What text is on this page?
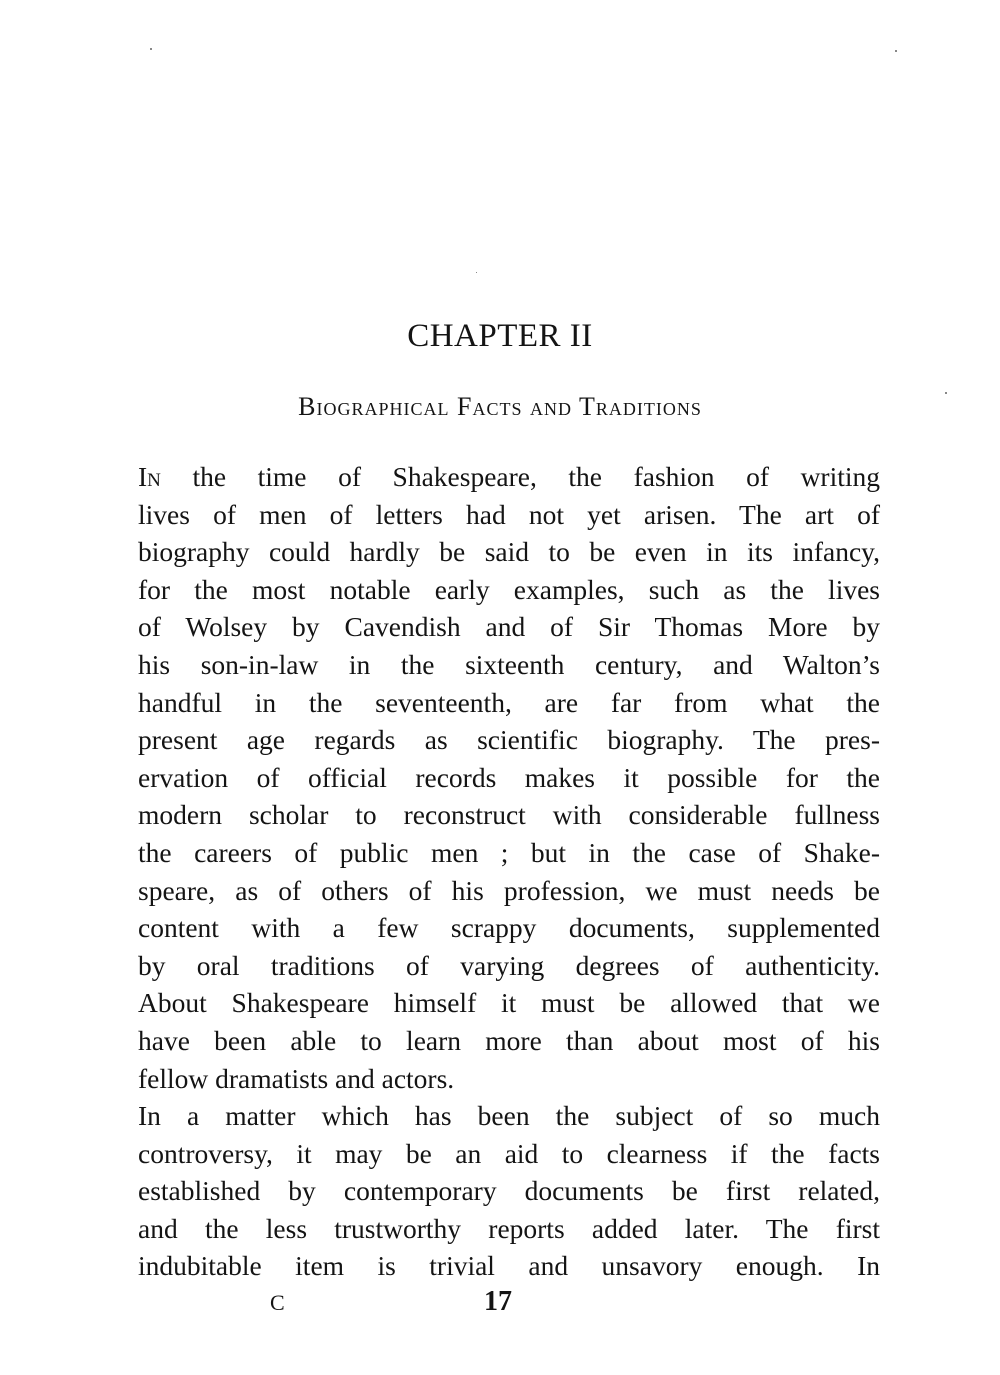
CHAPTER II
Biographical Facts and Traditions
In the time of Shakespeare, the fashion of writing
lives of men of letters had not yet arisen. The art of
biography could hardly be said to be even in its infancy,
for the most notable early examples, such as the lives
of Wolsey by Cavendish and of Sir Thomas More by
his son-in-law in the sixteenth century, and Walton’s
handful in the seventeenth, are far from what the
present age regards as scientific biography. The pres-
ervation of official records makes it possible for the
modern scholar to reconstruct with considerable fullness
the careers of public men ; but in the case of Shake-
speare, as of others of his profession, we must needs be
content with a few scrappy documents, supplemented
by oral traditions of varying degrees of authenticity.
About Shakespeare himself it must be allowed that we
have been able to learn more than about most of his
fellow dramatists and actors.
In a matter which has been the subject of so much
controversy, it may be an aid to clearness if the facts
established by contemporary documents be first related,
and the less trustworthy reports added later. The first
indubitable item is trivial and unsavory enough. In
C	17
